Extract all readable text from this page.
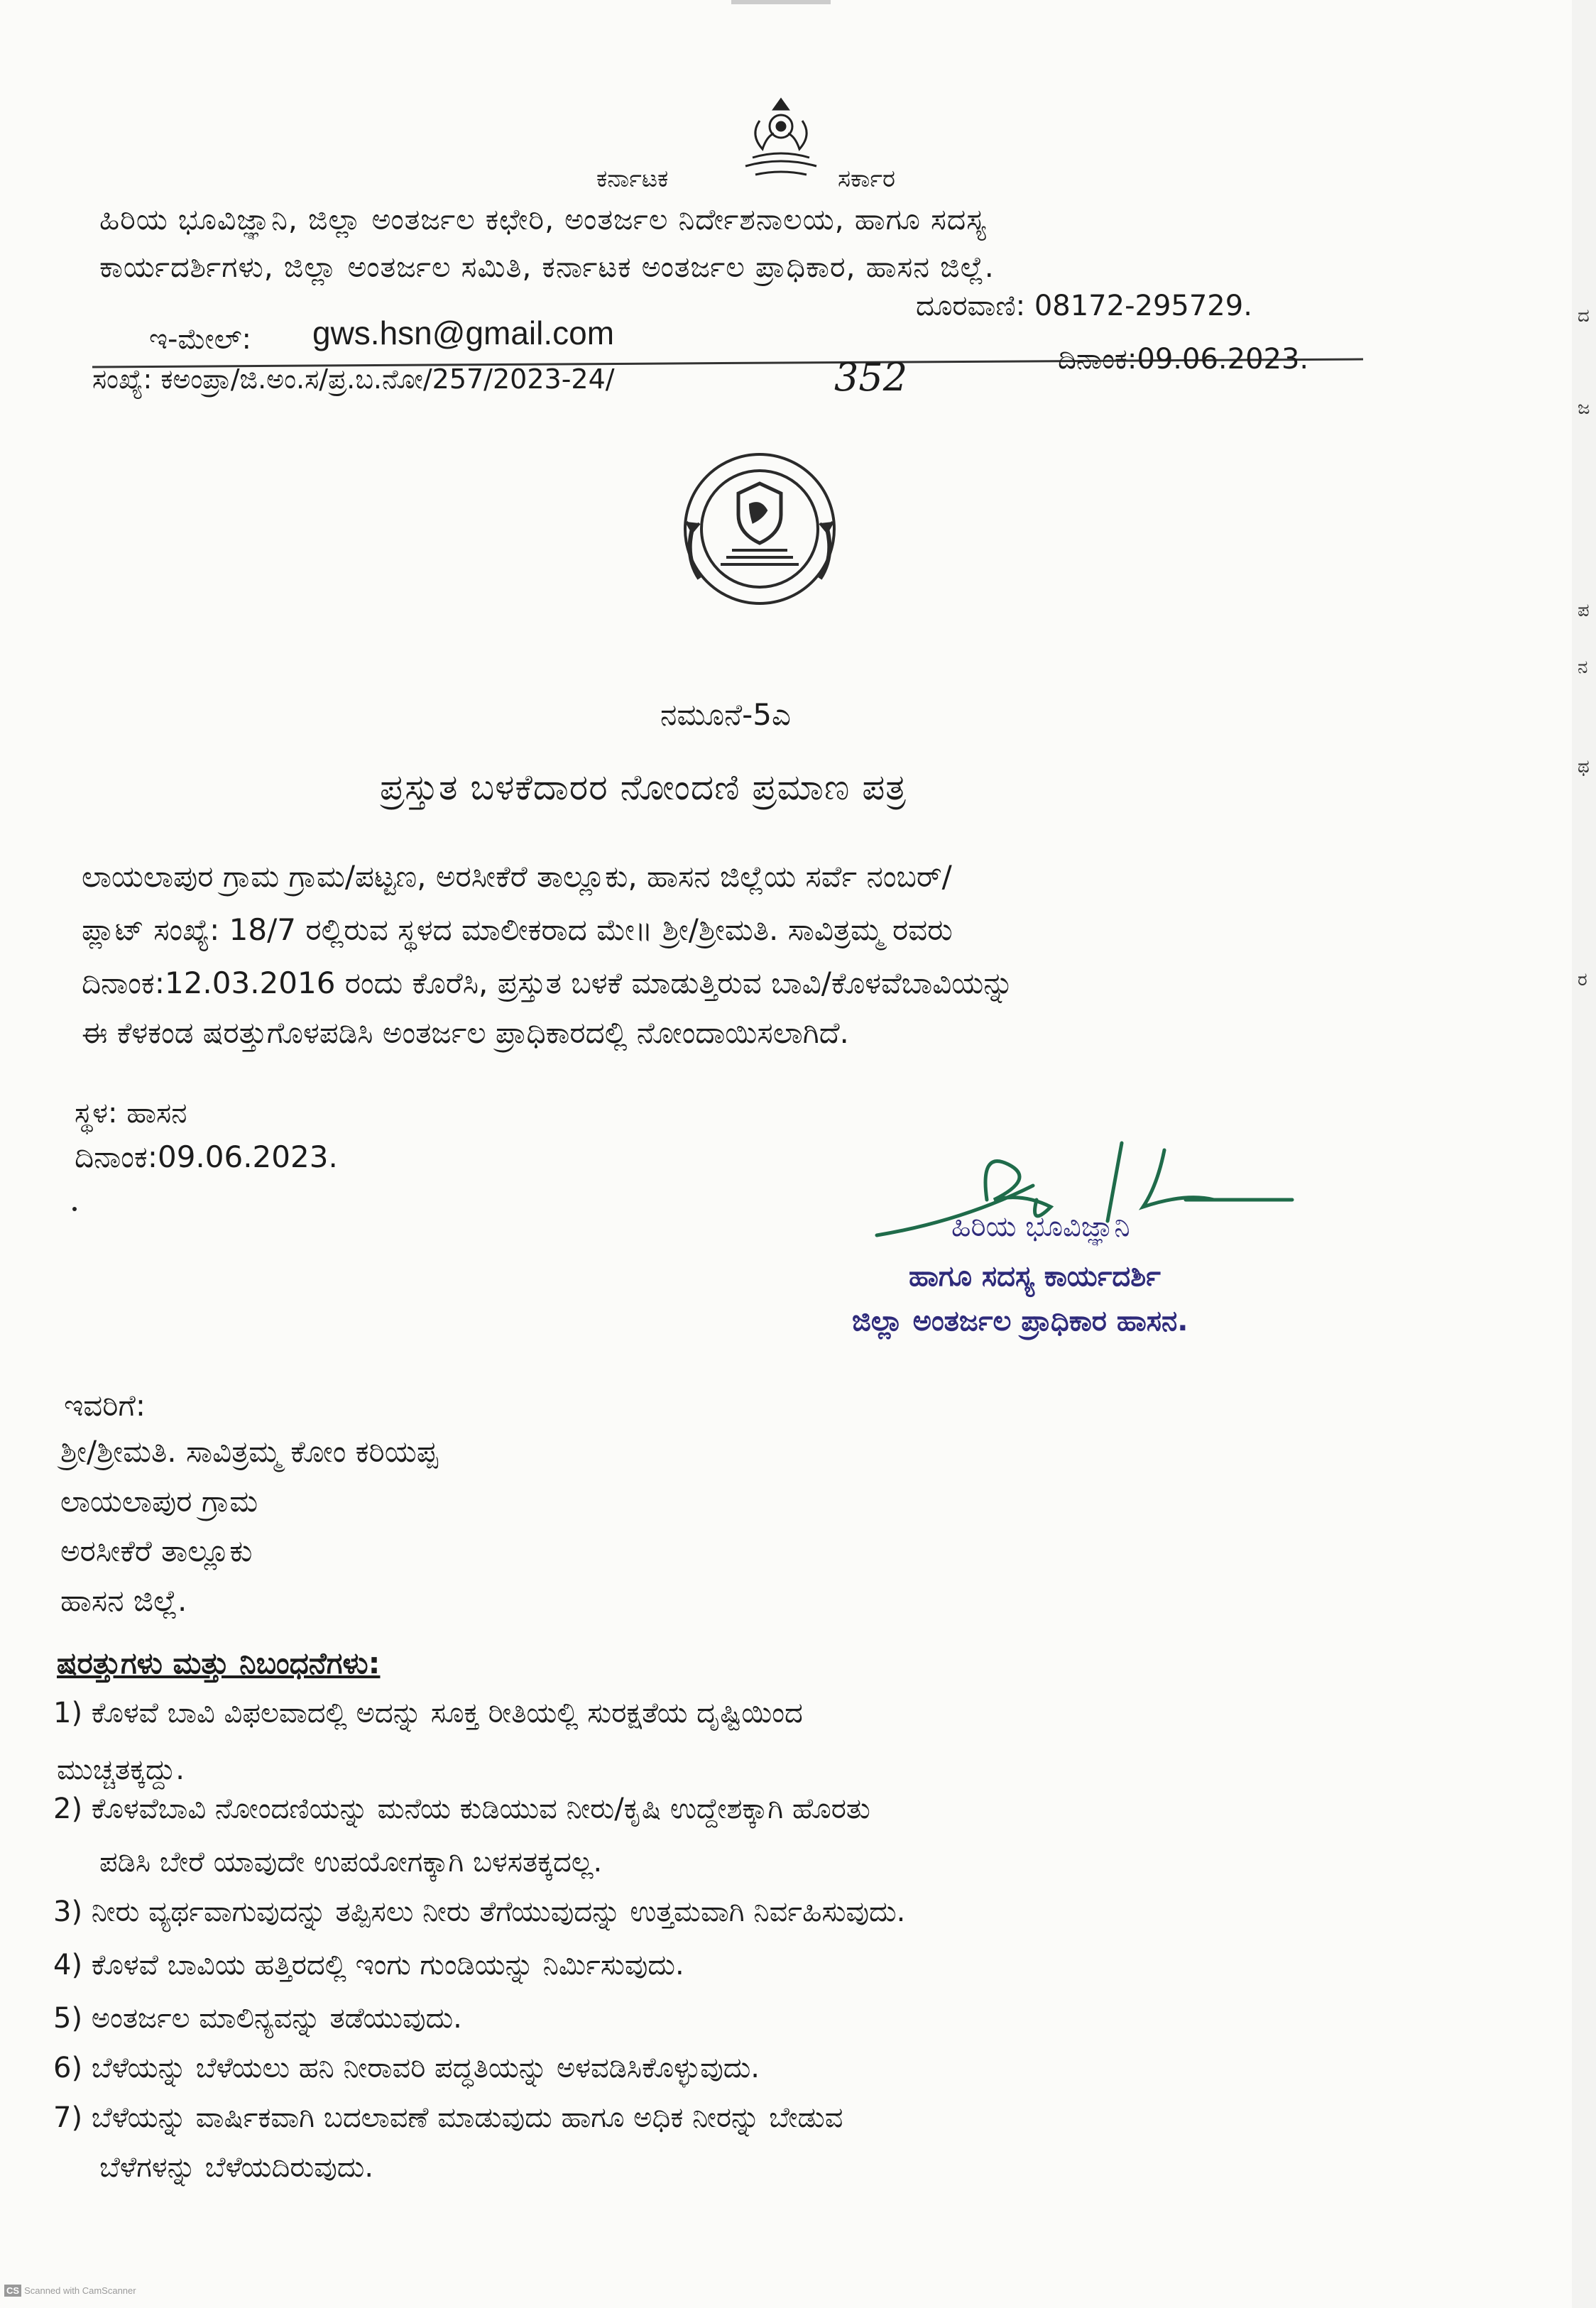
ಕರ್ನಾಟಕ	ಸರ್ಕಾರ
ಹಿರಿಯ ಭೂವಿಜ್ಞಾನಿ, ಜಿಲ್ಲಾ ಅಂತರ್ಜಲ ಕಛೇರಿ, ಅಂತರ್ಜಲ ನಿರ್ದೇಶನಾಲಯ, ಹಾಗೂ ಸದಸ್ಯ
ಕಾರ್ಯದರ್ಶಿಗಳು, ಜಿಲ್ಲಾ ಅಂತರ್ಜಲ ಸಮಿತಿ, ಕರ್ನಾಟಕ ಅಂತರ್ಜಲ ಪ್ರಾಧಿಕಾರ, ಹಾಸನ ಜಿಲ್ಲೆ.
ಇ-ಮೇಲ್: gws.hsn@gmail.com
ದೂರವಾಣಿ: 08172-295729.
ಸಂಖ್ಯೆ: ಕಅಂಪ್ರಾ/ಜಿ.ಅಂ.ಸ/ಪ್ರ.ಬ.ನೋ/257/2023-24/	352	ದಿನಾಂಕ:09.06.2023.
ನಮೂನೆ-5ಎ
ಪ್ರಸ್ತುತ ಬಳಕೆದಾರರ ನೋಂದಣಿ ಪ್ರಮಾಣ ಪತ್ರ
ಲಾಯಲಾಪುರ ಗ್ರಾಮ ಗ್ರಾಮ/ಪಟ್ಟಣ, ಅರಸೀಕೆರೆ ತಾಲ್ಲೂಕು, ಹಾಸನ ಜಿಲ್ಲೆಯ ಸರ್ವೆ ನಂಬರ್/
ಪ್ಲಾಟ್ ಸಂಖ್ಯೆ: 18/7 ರಲ್ಲಿರುವ ಸ್ಥಳದ ಮಾಲೀಕರಾದ ಮೇ॥ ಶ್ರೀ/ಶ್ರೀಮತಿ. ಸಾವಿತ್ರಮ್ಮ ರವರು
ದಿನಾಂಕ:12.03.2016 ರಂದು ಕೊರೆಸಿ, ಪ್ರಸ್ತುತ ಬಳಕೆ ಮಾಡುತ್ತಿರುವ ಬಾವಿ/ಕೊಳವೆಬಾವಿಯನ್ನು
ಈ ಕೆಳಕಂಡ ಷರತ್ತುಗೊಳಪಡಿಸಿ ಅಂತರ್ಜಲ ಪ್ರಾಧಿಕಾರದಲ್ಲಿ ನೋಂದಾಯಿಸಲಾಗಿದೆ.
ಸ್ಥಳ: ಹಾಸನ
ದಿನಾಂಕ:09.06.2023.
ಹಿರಿಯ ಭೂವಿಜ್ಞಾನಿ
ಹಾಗೂ ಸದಸ್ಯ ಕಾರ್ಯದರ್ಶಿ
ಜಿಲ್ಲಾ ಅಂತರ್ಜಲ ಪ್ರಾಧಿಕಾರ ಹಾಸನ.
ಇವರಿಗೆ:
ಶ್ರೀ/ಶ್ರೀಮತಿ. ಸಾವಿತ್ರಮ್ಮ ಕೋಂ ಕರಿಯಪ್ಪ
ಲಾಯಲಾಪುರ ಗ್ರಾಮ
ಅರಸೀಕೆರೆ ತಾಲ್ಲೂಕು
ಹಾಸನ ಜಿಲ್ಲೆ.
ಷರತ್ತುಗಳು ಮತ್ತು ನಿಬಂಧನೆಗಳು:
1) ಕೊಳವೆ ಬಾವಿ ವಿಫಲವಾದಲ್ಲಿ ಅದನ್ನು ಸೂಕ್ತ ರೀತಿಯಲ್ಲಿ ಸುರಕ್ಷತೆಯ ದೃಷ್ಟಿಯಿಂದ
ಮುಚ್ಚತಕ್ಕದ್ದು.
2) ಕೊಳವೆಬಾವಿ ನೋಂದಣಿಯನ್ನು ಮನೆಯ ಕುಡಿಯುವ ನೀರು/ಕೃಷಿ ಉದ್ದೇಶಕ್ಕಾಗಿ ಹೊರತು
ಪಡಿಸಿ ಬೇರೆ ಯಾವುದೇ ಉಪಯೋಗಕ್ಕಾಗಿ ಬಳಸತಕ್ಕದಲ್ಲ.
3) ನೀರು ವ್ಯರ್ಥವಾಗುವುದನ್ನು ತಪ್ಪಿಸಲು ನೀರು ತೆಗೆಯುವುದನ್ನು ಉತ್ತಮವಾಗಿ ನಿರ್ವಹಿಸುವುದು.
4) ಕೊಳವೆ ಬಾವಿಯ ಹತ್ತಿರದಲ್ಲಿ ಇಂಗು ಗುಂಡಿಯನ್ನು ನಿರ್ಮಿಸುವುದು.
5) ಅಂತರ್ಜಲ ಮಾಲಿನ್ಯವನ್ನು ತಡೆಯುವುದು.
6) ಬೆಳೆಯನ್ನು ಬೆಳೆಯಲು ಹನಿ ನೀರಾವರಿ ಪದ್ಧತಿಯನ್ನು ಅಳವಡಿಸಿಕೊಳ್ಳುವುದು.
7) ಬೆಳೆಯನ್ನು ವಾರ್ಷಿಕವಾಗಿ ಬದಲಾವಣೆ ಮಾಡುವುದು ಹಾಗೂ ಅಧಿಕ ನೀರನ್ನು ಬೇಡುವ
ಬೆಳೆಗಳನ್ನು ಬೆಳೆಯದಿರುವುದು.
ದ
ಜ
ಪ
ನ
ಥ
ರ
CS Scanned with CamScanner
